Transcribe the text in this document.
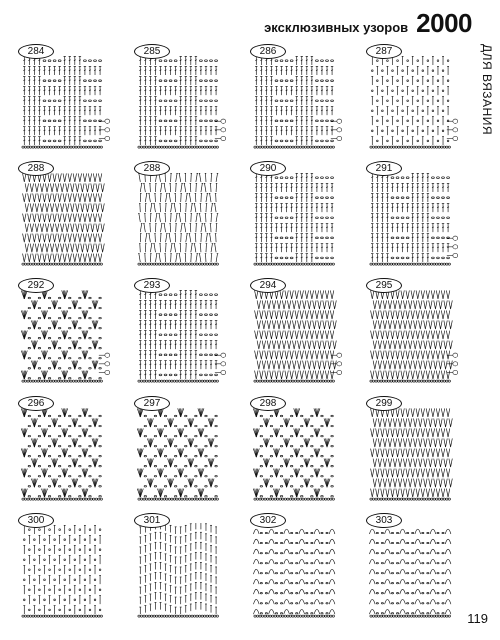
эксклюзивных узоров 2000
ДЛЯ ВЯЗАНИЯ
284	285	286	287
288	288	290	291
292	293	294	295
296	297	298	299
300	301	302	303
119
